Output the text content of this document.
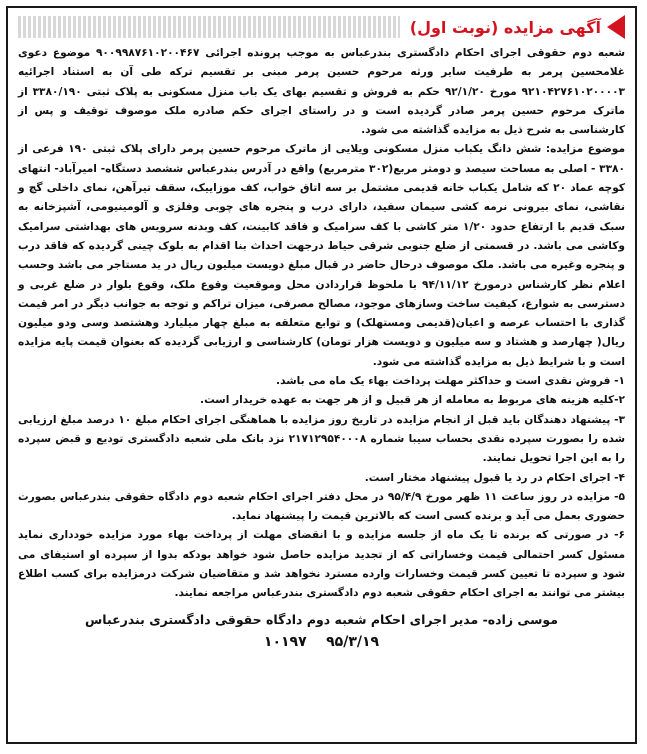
آگهی مزایده (نوبت اول)

شعبه دوم حقوقی اجرای احکام دادگستری بندرعباس به موجب پرونده اجرائی ۹۰۰۹۹۸۷۶۱۰۲۰۰۴۶۷ موضوع دعوی غلامحسین پرمر به طرفیت سایر ورثه مرحوم حسین پرمر مبنی بر تقسیم ترکه طی آن به استناد اجرائیه ۹۲۱۰۴۲۷۶۱۰۲۰۰۰۰۳ مورخ ۹۲/۱/۲۰ حکم به فروش و تقسیم بهای یک باب منزل مسکونی به پلاک ثبتی ۳۳۸۰/۱۹۰ از ماترک مرحوم حسین پرمر صادر گردیده است و در راستای اجرای حکم صادره ملک موصوف توقیف و پس از کارشناسی به شرح ذیل به مزایده گذاشته می شود.

موضوع مزایده: شش دانگ یکباب منزل مسکونی ویلایی از ماترک مرحوم حسین پرمر دارای پلاک ثبتی ۱۹۰ فرعی از ۳۳۸۰ - اصلی به مساحت سیصد و دومتر مربع(۳۰۲ مترمربع) واقع در آدرس بندرعباس ششصد دستگاه- امیرآباد- انتهای کوچه عماد ۲۰ که شامل یکباب خانه قدیمی مشتمل بر سه اتاق خواب، کف موزاییک، سقف تیرآهن، نمای داخلی گچ و نقاشی، نمای بیرونی نرمه کشی سیمان سفید، دارای درب و پنجره های چوبی وفلزی و آلومینیومی، آشپزخانه به سبک قدیم با ارتفاع حدود ۱/۲۰ متر کاشی با کف سرامیک و فاقد کابینت، کف وبدنه سرویس های بهداشتی سرامیک وکاشی می باشد. در قسمتی از ضلع جنوبی شرقی حیاط درجهت احداث بنا اقدام به بلوک چینی گردیده که فاقد درب و پنجره وغیره می باشد. ملک موصوف درحال حاضر در قبال مبلغ دویست میلیون ریال در ید مستاجر می باشد وحسب اعلام نظر کارشناس درمورخ ۹۴/۱۱/۱۲ با ملحوظ قراردادن محل وموقعیت وقوع ملک، وقوع بلوار در ضلع غربی و دسترسی به شوارع، کیفیت ساخت وسازهای موجود، مصالح مصرفی، میزان تراکم و توجه به جوانب دیگر در امر قیمت گذاری با احتساب عرصه و اعیان(قدیمی ومستهلک) و توابع متعلقه به مبلغ چهار میلیارد وهشتصد وسی ودو میلیون ریال( چهارصد و هشتاد و سه میلیون و دویست هزار تومان) کارشناسی و ارزیابی گردیده که بعنوان قیمت پایه مزایده است و با شرایط ذیل به مزایده گذاشته می شود.

۱- فروش نقدی است و حداکثر مهلت پرداخت بهاء یک ماه می باشد.

۲-کلیه هزینه های مربوط به معامله از هر قبیل و از هر جهت به عهده خریدار است.

۳- پیشنهاد دهندگان باید قبل از انجام مزایده در تاریخ روز مزایده با هماهنگی اجرای احکام مبلغ ۱۰ درصد مبلغ ارزیابی شده را بصورت سپرده نقدی بحساب سیبا شماره ۲۱۷۱۲۹۵۴۰۰۰۸ نزد بانک ملی شعبه دادگستری تودیع و قبض سپرده را به این اجرا تحویل نمایند.

۴- اجرای احکام در رد یا قبول پیشنهاد مختار است.

۵- مزایده در روز ساعت ۱۱ ظهر مورخ ۹۵/۴/۹ در محل دفتر اجرای احکام شعبه دوم دادگاه حقوقی بندرعباس بصورت حضوری بعمل می آید و برنده کسی است که بالاترین قیمت را پیشنهاد نماید.

۶- در صورتی که برنده تا یک ماه از جلسه مزایده و با انقضای مهلت از پرداخت بهاء مورد مزایده خودداری نماید مسئول کسر احتمالی قیمت وخساراتی که از تجدید مزایده حاصل شود خواهد بودکه بدوا از سپرده او استیفای می شود و سپرده تا تعیین کسر قیمت وخسارات وارده مسترد نخواهد شد و متقاضیان شرکت درمزایده برای کسب اطلاع بیشتر می توانند به اجرای احکام حقوقی شعبه دوم دادگستری بندرعباس مراجعه نمایند.

موسی زاده- مدیر اجرای احکام شعبه دوم دادگاه حقوقی دادگستری بندرعباس
۱۰۱۹۷ ۹۵/۳/۱۹
